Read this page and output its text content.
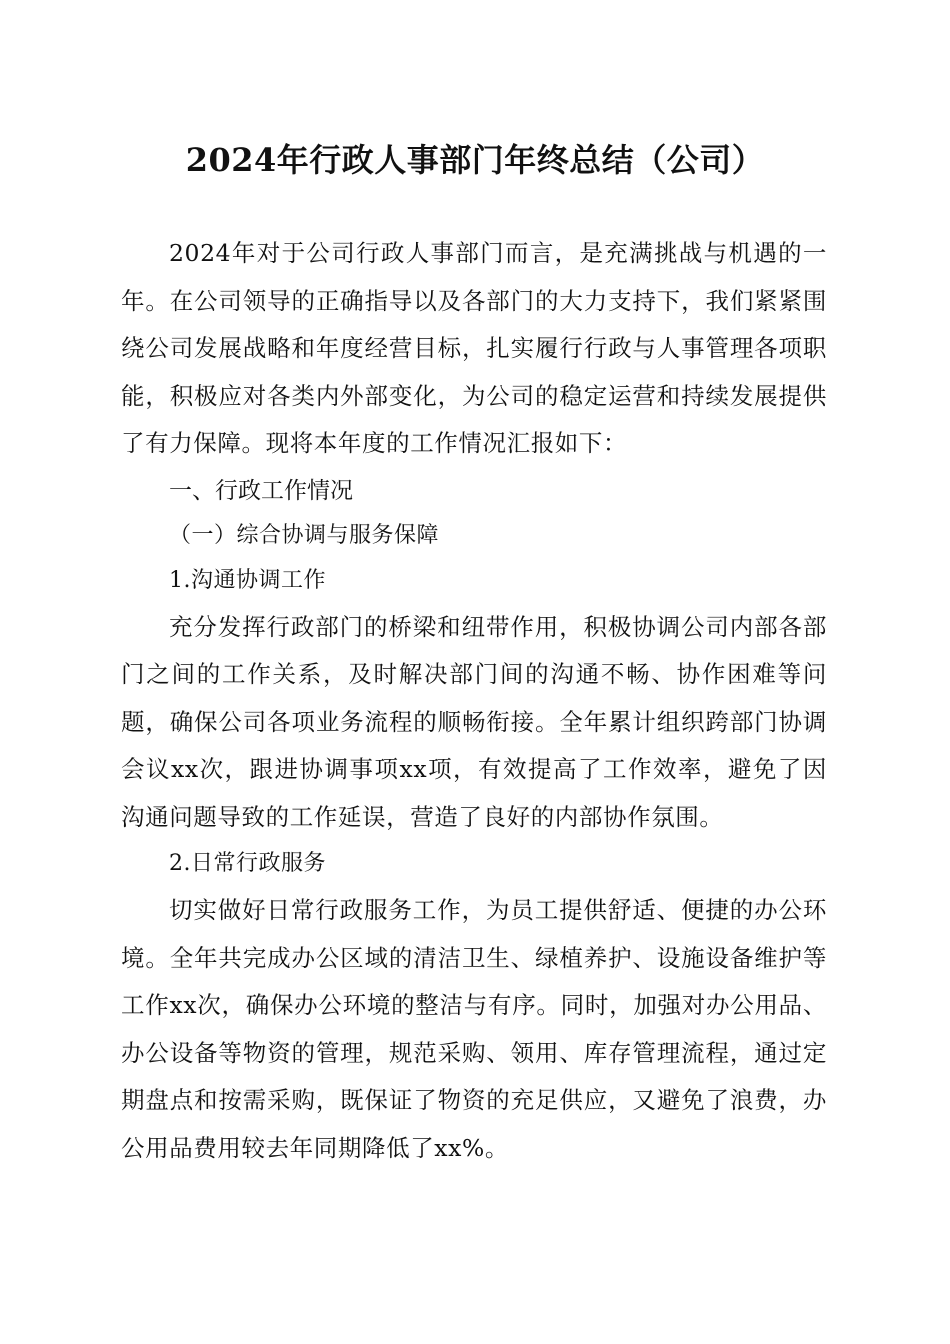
2024年行政人事部门年终总结（公司）

2024年对于公司行政人事部门而言，是充满挑战与机遇的一年。在公司领导的正确指导以及各部门的大力支持下，我们紧紧围绕公司发展战略和年度经营目标，扎实履行行政与人事管理各项职能，积极应对各类内外部变化，为公司的稳定运营和持续发展提供了有力保障。现将本年度的工作情况汇报如下：

一、行政工作情况

（一）综合协调与服务保障

1.沟通协调工作

充分发挥行政部门的桥梁和纽带作用，积极协调公司内部各部门之间的工作关系，及时解决部门间的沟通不畅、协作困难等问题，确保公司各项业务流程的顺畅衔接。全年累计组织跨部门协调会议xx次，跟进协调事项xx项，有效提高了工作效率，避免了因沟通问题导致的工作延误，营造了良好的内部协作氛围。

2.日常行政服务

切实做好日常行政服务工作，为员工提供舒适、便捷的办公环境。全年共完成办公区域的清洁卫生、绿植养护、设施设备维护等工作xx次，确保办公环境的整洁与有序。同时，加强对办公用品、办公设备等物资的管理，规范采购、领用、库存管理流程，通过定期盘点和按需采购，既保证了物资的充足供应，又避免了浪费，办公用品费用较去年同期降低了xx%。
